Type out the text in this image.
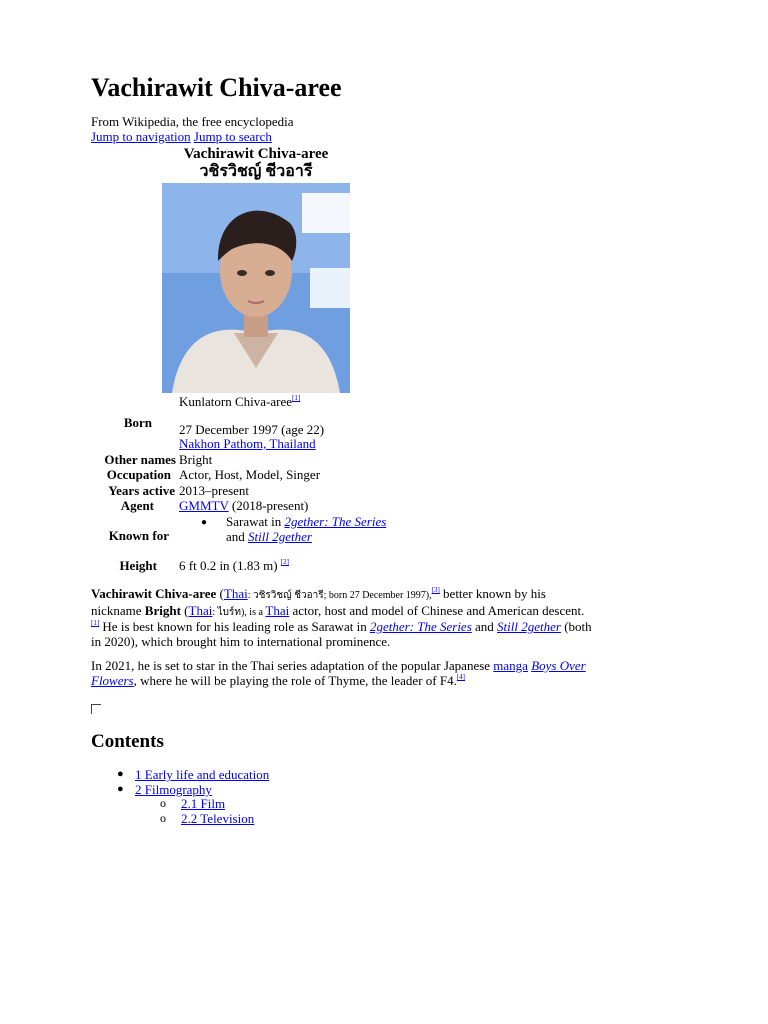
Vachirawit Chiva-aree
From Wikipedia, the free encyclopedia
Jump to navigation Jump to search
Vachirawit Chiva-aree
วชิรวิชญ์ ชีวอารี
Kunlatorn Chiva-aree[1]
Born 27 December 1997 (age 22)
Nakhon Pathom, Thailand
Other names Bright
Occupation Actor, Host, Model, Singer
Years active 2013–present
Agent GMMTV (2018-present)
● Sarawat in 2gether: The Series
Known for	and Still 2gether
Height 6 ft 0.2 in (1.83 m) [2]
Vachirawit Chiva-aree (Thai: วชิรวิชญ์ ชีวอารี; born 27 December 1997),[3] better known by his
nickname Bright (Thai: ไบร์ท), is a Thai actor, host and model of Chinese and American descent.
[1] He is best known for his leading role as Sarawat in 2gether: The Series and Still 2gether (both
in 2020), which brought him to international prominence.
In 2021, he is set to star in the Thai series adaptation of the popular Japanese manga Boys Over
Flowers, where he will be playing the role of Thyme, the leader of F4.[4]
Contents
● 1 Early life and education
● 2 Filmography
o 2.1 Film
o 2.2 Television
